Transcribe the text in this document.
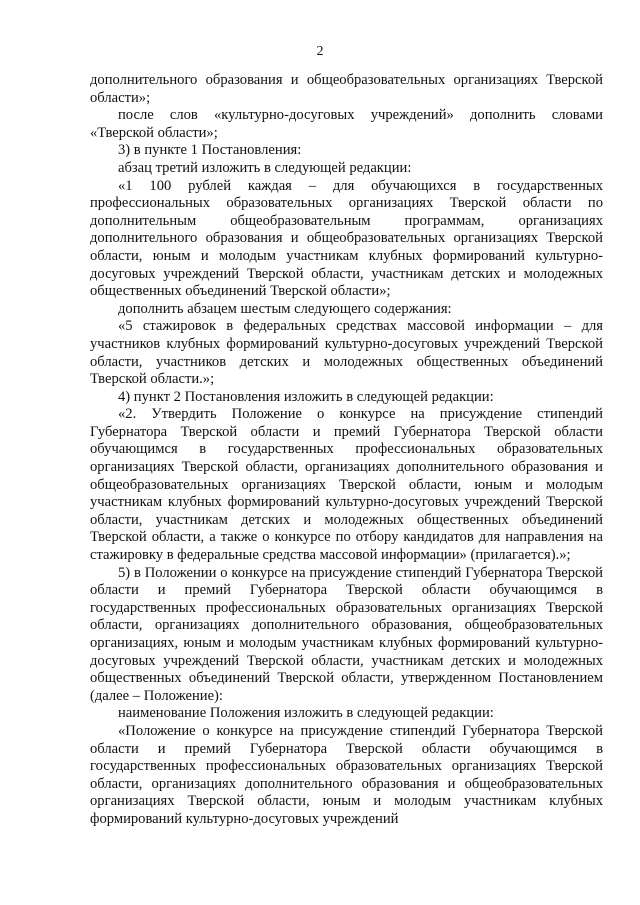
2

дополнительного образования и общеобразовательных организациях Тверской области»;

после слов «культурно-досуговых учреждений» дополнить словами «Тверской области»;

3) в пункте 1 Постановления:

абзац третий изложить в следующей редакции:

«1 100 рублей каждая – для обучающихся в государственных профессиональных образовательных организациях Тверской области по дополнительным общеобразовательным программам, организациях дополнительного образования и общеобразовательных организациях Тверской области, юным и молодым участникам клубных формирований культурно-досуговых учреждений Тверской области, участникам детских и молодежных общественных объединений Тверской области»;

дополнить абзацем шестым следующего содержания:

«5 стажировок в федеральных средствах массовой информации – для участников клубных формирований культурно-досуговых учреждений Тверской области, участников детских и молодежных общественных объединений Тверской области.»;

4) пункт 2 Постановления изложить в следующей редакции:

«2. Утвердить Положение о конкурсе на присуждение стипендий Губернатора Тверской области и премий Губернатора Тверской области обучающимся в государственных профессиональных образовательных организациях Тверской области, организациях дополнительного образования и общеобразовательных организациях Тверской области, юным и молодым участникам клубных формирований культурно-досуговых учреждений Тверской области, участникам детских и молодежных общественных объединений Тверской области, а также о конкурсе по отбору кандидатов для направления на стажировку в федеральные средства массовой информации» (прилагается).»;

5) в Положении о конкурсе на присуждение стипендий Губернатора Тверской области и премий Губернатора Тверской области обучающимся в государственных профессиональных образовательных организациях Тверской области, организациях дополнительного образования, общеобразовательных организациях, юным и молодым участникам клубных формирований культурно-досуговых учреждений Тверской области, участникам детских и молодежных общественных объединений Тверской области, утвержденном Постановлением (далее – Положение):

наименование Положения изложить в следующей редакции:

«Положение о конкурсе на присуждение стипендий Губернатора Тверской области и премий Губернатора Тверской области обучающимся в государственных профессиональных образовательных организациях Тверской области, организациях дополнительного образования и общеобразовательных организациях Тверской области, юным и молодым участникам клубных формирований культурно-досуговых учреждений
